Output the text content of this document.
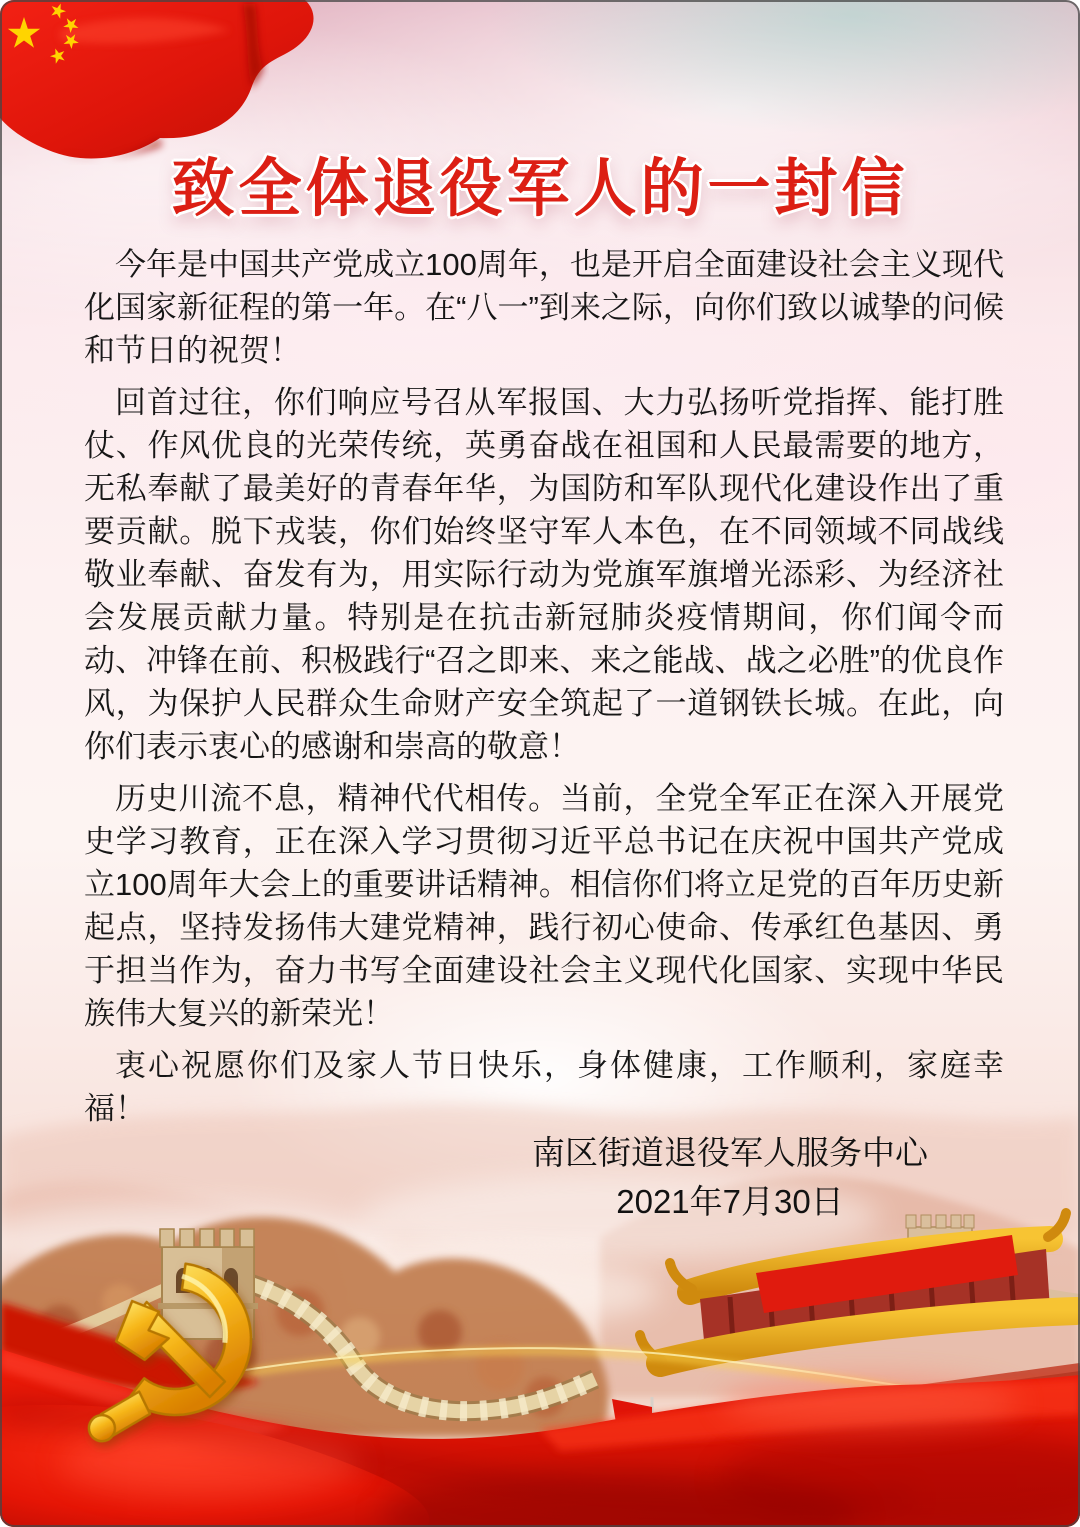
致全体退役军人的一封信

今年是中国共产党成立100周年，也是开启全面建设社会主义现代化国家新征程的第一年。在“八一”到来之际，向你们致以诚挚的问候和节日的祝贺！

回首过往，你们响应号召从军报国、大力弘扬听党指挥、能打胜仗、作风优良的光荣传统，英勇奋战在祖国和人民最需要的地方，无私奉献了最美好的青春年华，为国防和军队现代化建设作出了重要贡献。脱下戎装，你们始终坚守军人本色，在不同领域不同战线敬业奉献、奋发有为，用实际行动为党旗军旗增光添彩、为经济社会发展贡献力量。特别是在抗击新冠肺炎疫情期间，你们闻令而动、冲锋在前、积极践行“召之即来、来之能战、战之必胜”的优良作风，为保护人民群众生命财产安全筑起了一道钢铁长城。在此，向你们表示衷心的感谢和崇高的敬意！

历史川流不息，精神代代相传。当前，全党全军正在深入开展党史学习教育，正在深入学习贯彻习近平总书记在庆祝中国共产党成立100周年大会上的重要讲话精神。相信你们将立足党的百年历史新起点，坚持发扬伟大建党精神，践行初心使命、传承红色基因、勇于担当作为，奋力书写全面建设社会主义现代化国家、实现中华民族伟大复兴的新荣光！

衷心祝愿你们及家人节日快乐，身体健康，工作顺利，家庭幸福！

南区街道退役军人服务中心
2021年7月30日
